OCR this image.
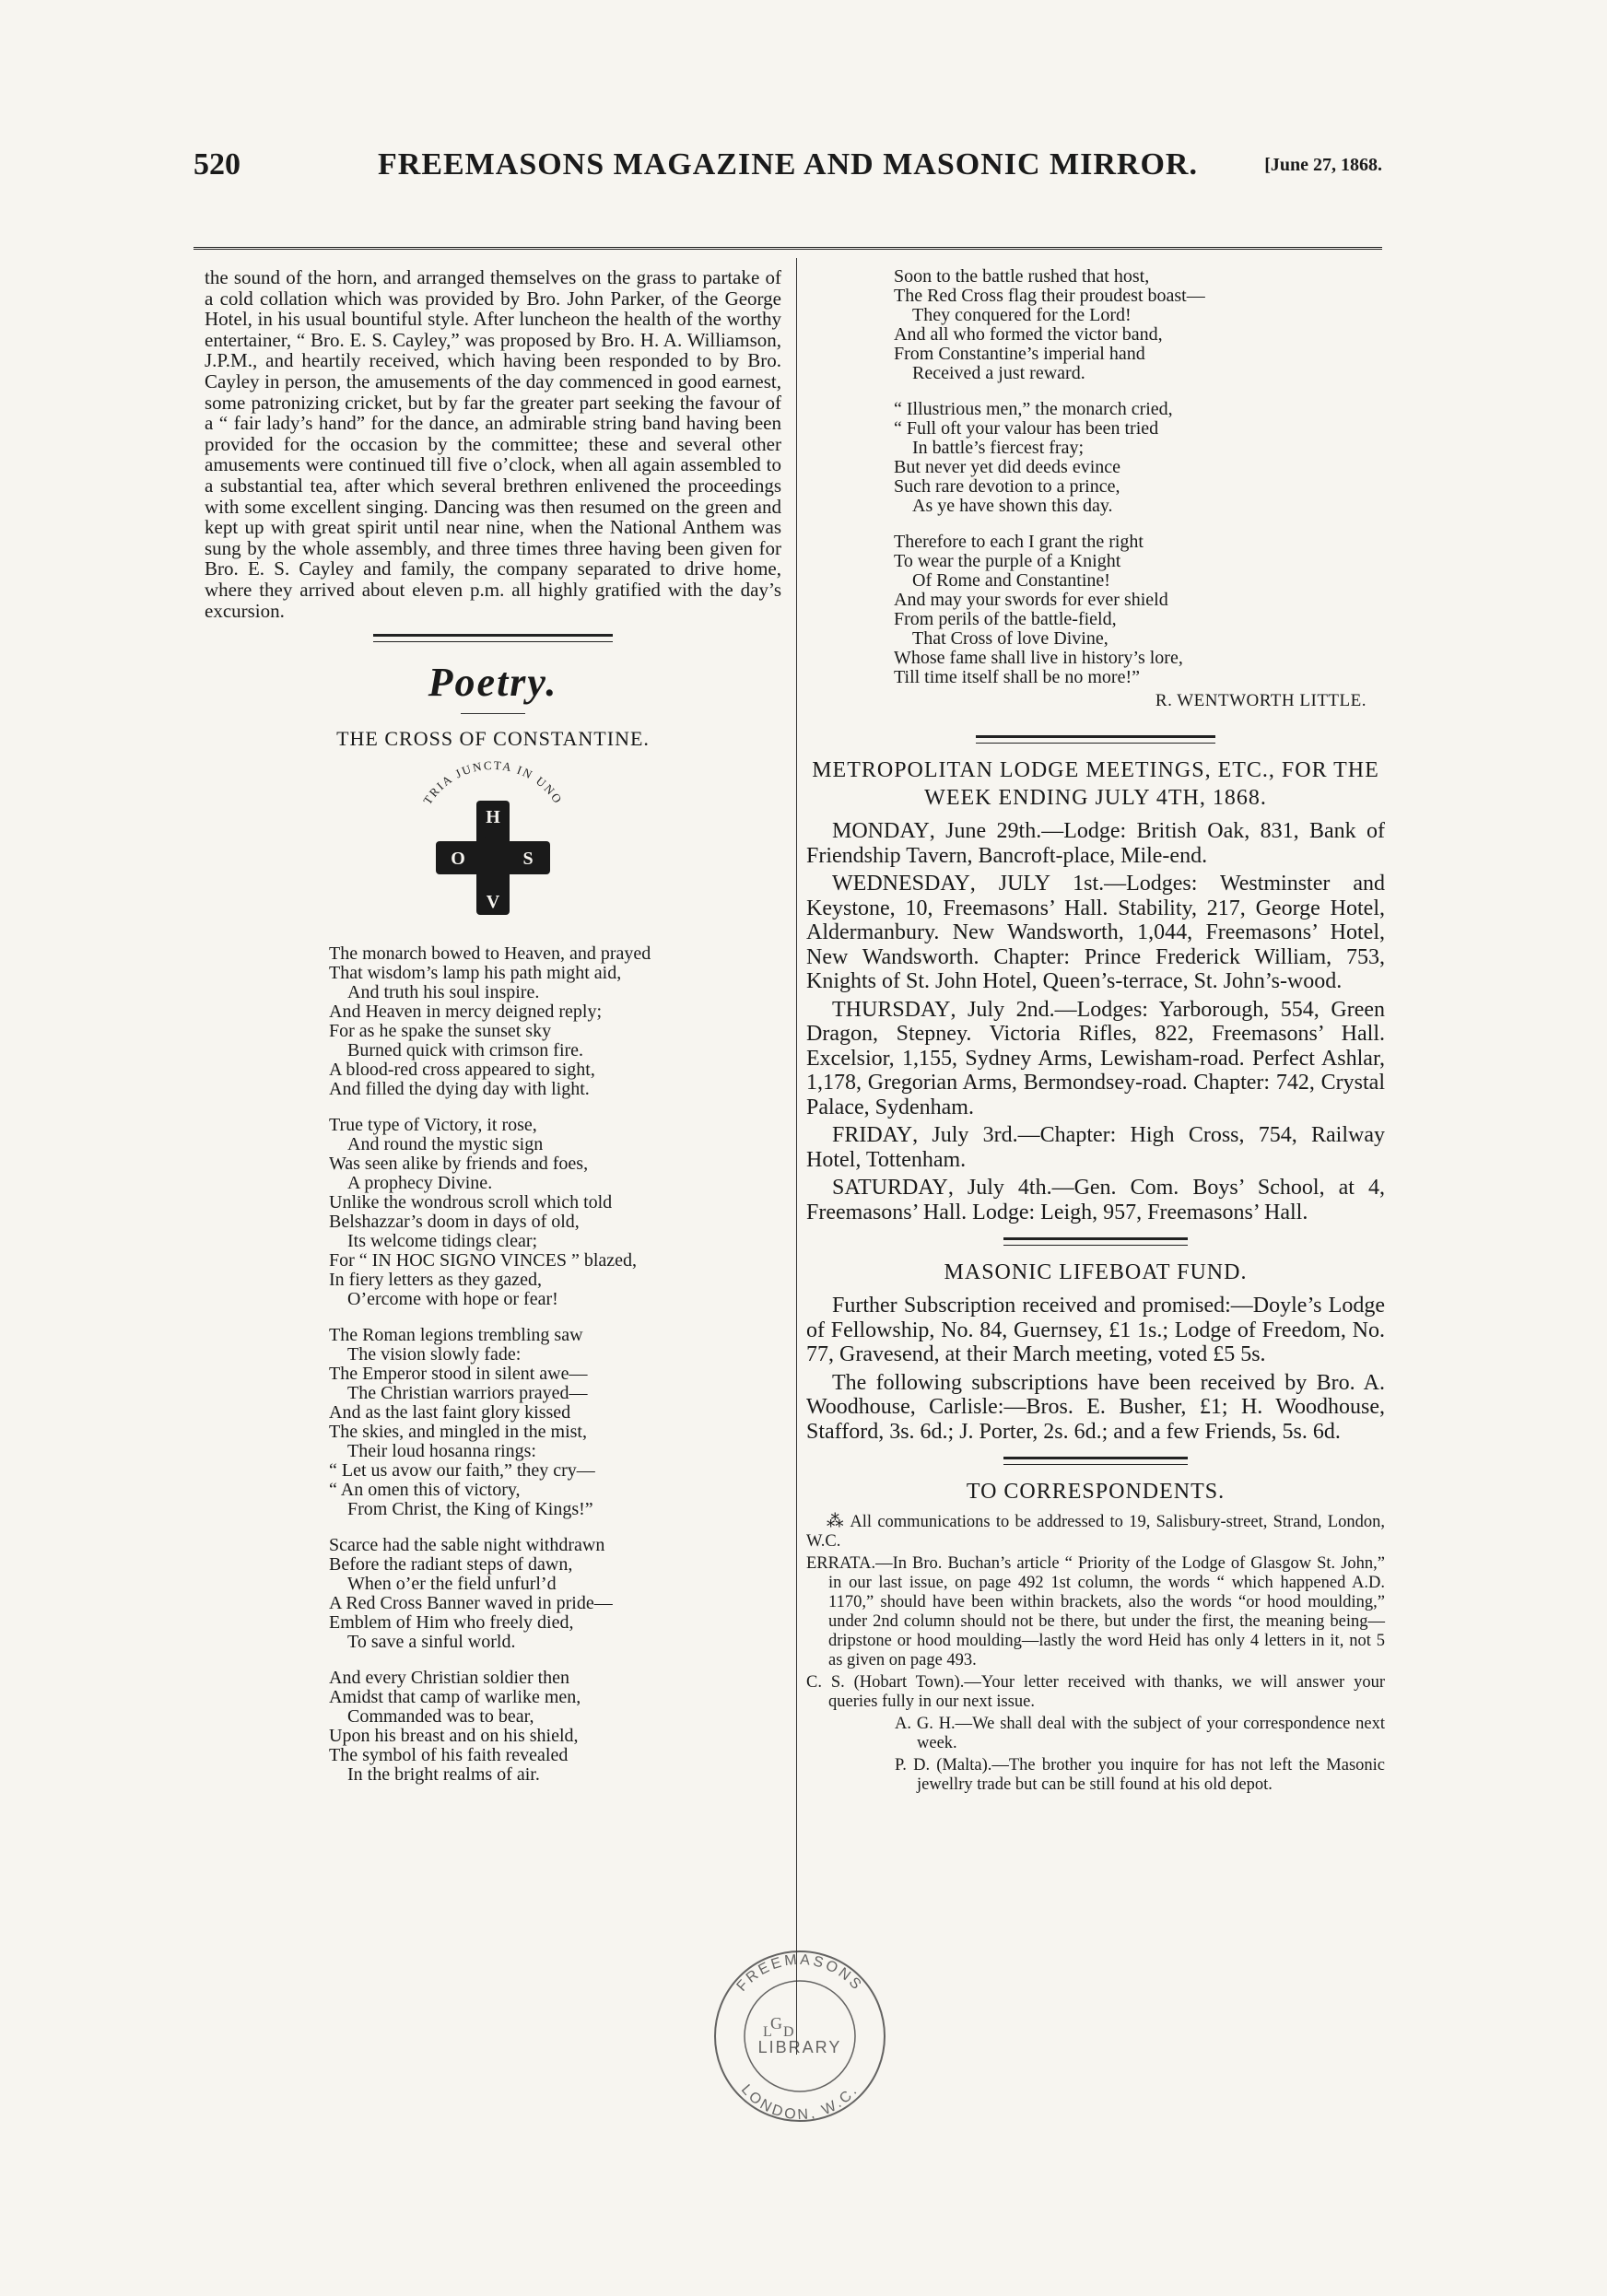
520	FREEMASONS MAGAZINE AND MASONIC MIRROR.	[June 27, 1868.

the sound of the horn, and arranged themselves on the grass to partake of a cold collation which was provided by Bro. John Parker, of the George Hotel, in his usual bountiful style. After luncheon the health of the worthy entertainer, “ Bro. E. S. Cayley,” was proposed by Bro. H. A. Williamson, J.P.M., and heartily received, which having been responded to by Bro. Cayley in person, the amusements of the day commenced in good earnest, some patronizing cricket, but by far the greater part seeking the favour of a “ fair lady’s hand” for the dance, an admirable string band having been provided for the occasion by the committee; these and several other amusements were continued till five o’clock, when all again assembled to a substantial tea, after which several brethren enlivened the proceedings with some excellent singing. Dancing was then resumed on the green and kept up with great spirit until near nine, when the National Anthem was sung by the whole assembly, and three times three having been given for Bro. E. S. Cayley and family, the company separated to drive home, where they arrived about eleven p.m. all highly gratified with the day’s excursion.

Poetry.
THE CROSS OF CONSTANTINE.
TRIA JUNCTA IN UNO
H
O	S
V
The monarch bowed to Heaven, and prayed
That wisdom’s lamp his path might aid,
And truth his soul inspire.
And Heaven in mercy deigned reply;
For as he spake the sunset sky
Burned quick with crimson fire.
A blood-red cross appeared to sight,
And filled the dying day with light.
True type of Victory, it rose,
And round the mystic sign
Was seen alike by friends and foes,
A prophecy Divine.
Unlike the wondrous scroll which told
Belshazzar’s doom in days of old,
Its welcome tidings clear;
For “ IN HOC SIGNO VINCES ” blazed,
In fiery letters as they gazed,
O’ercome with hope or fear!
The Roman legions trembling saw
The vision slowly fade:
The Emperor stood in silent awe—
The Christian warriors prayed—
And as the last faint glory kissed
The skies, and mingled in the mist,
Their loud hosanna rings:
“ Let us avow our faith,” they cry—
“ An omen this of victory,
From Christ, the King of Kings!”
Scarce had the sable night withdrawn
Before the radiant steps of dawn,
When o’er the field unfurl’d
A Red Cross Banner waved in pride—
Emblem of Him who freely died,
To save a sinful world.
And every Christian soldier then
Amidst that camp of warlike men,
Commanded was to bear,
Upon his breast and on his shield,
The symbol of his faith revealed
In the bright realms of air.
Soon to the battle rushed that host,
The Red Cross flag their proudest boast—
They conquered for the Lord!
And all who formed the victor band,
From Constantine’s imperial hand
Received a just reward.
“ Illustrious men,” the monarch cried,
“ Full oft your valour has been tried
In battle’s fiercest fray;
But never yet did deeds evince
Such rare devotion to a prince,
As ye have shown this day.
Therefore to each I grant the right
To wear the purple of a Knight
Of Rome and Constantine!
And may your swords for ever shield
From perils of the battle-field,
That Cross of love Divine,
Whose fame shall live in history’s lore,
Till time itself shall be no more!”
R. WENTWORTH LITTLE.
METROPOLITAN LODGE MEETINGS, ETC., FOR THE WEEK ENDING JULY 4TH, 1868.

MONDAY, June 29th.—Lodge: British Oak, 831, Bank of Friendship Tavern, Bancroft-place, Mile-end.

WEDNESDAY, JULY 1st.—Lodges: Westminster and Keystone, 10, Freemasons’ Hall. Stability, 217, George Hotel, Aldermanbury. New Wandsworth, 1,044, Freemasons’ Hotel, New Wandsworth. Chapter: Prince Frederick William, 753, Knights of St. John Hotel, Queen’s-terrace, St. John’s-wood.

THURSDAY, July 2nd.—Lodges: Yarborough, 554, Green Dragon, Stepney. Victoria Rifles, 822, Freemasons’ Hall. Excelsior, 1,155, Sydney Arms, Lewisham-road. Perfect Ashlar, 1,178, Gregorian Arms, Bermondsey-road. Chapter: 742, Crystal Palace, Sydenham.

FRIDAY, July 3rd.—Chapter: High Cross, 754, Railway Hotel, Tottenham.

SATURDAY, July 4th.—Gen. Com. Boys’ School, at 4, Freemasons’ Hall. Lodge: Leigh, 957, Freemasons’ Hall.

MASONIC LIFEBOAT FUND.

Further Subscription received and promised:—Doyle’s Lodge of Fellowship, No. 84, Guernsey, £1 1s.; Lodge of Freedom, No. 77, Gravesend, at their March meeting, voted £5 5s.

The following subscriptions have been received by Bro. A. Woodhouse, Carlisle:—Bros. E. Busher, £1; H. Woodhouse, Stafford, 3s. 6d.; J. Porter, 2s. 6d.; and a few Friends, 5s. 6d.

TO CORRESPONDENTS.

⁂ All communications to be addressed to 19, Salisbury-street, Strand, London, W.C.

ERRATA.—In Bro. Buchan’s article “ Priority of the Lodge of Glasgow St. John,” in our last issue, on page 492 1st column, the words “ which happened A.D. 1170,” should have been within brackets, also the words “or hood moulding,” under 2nd column should not be there, but under the first, the meaning being—dripstone or hood moulding—lastly the word Heid has only 4 letters in it, not 5 as given on page 493.

C. S. (Hobart Town).—Your letter received with thanks, we will answer your queries fully in our next issue.

A. G. H.—We shall deal with the subject of your correspondence next week.

P. D. (Malta).—The brother you inquire for has not left the Masonic jewellry trade but can be still found at his old depot.

FREEMASONS
LONDON, W.C.
LIBRARY
G
L D
